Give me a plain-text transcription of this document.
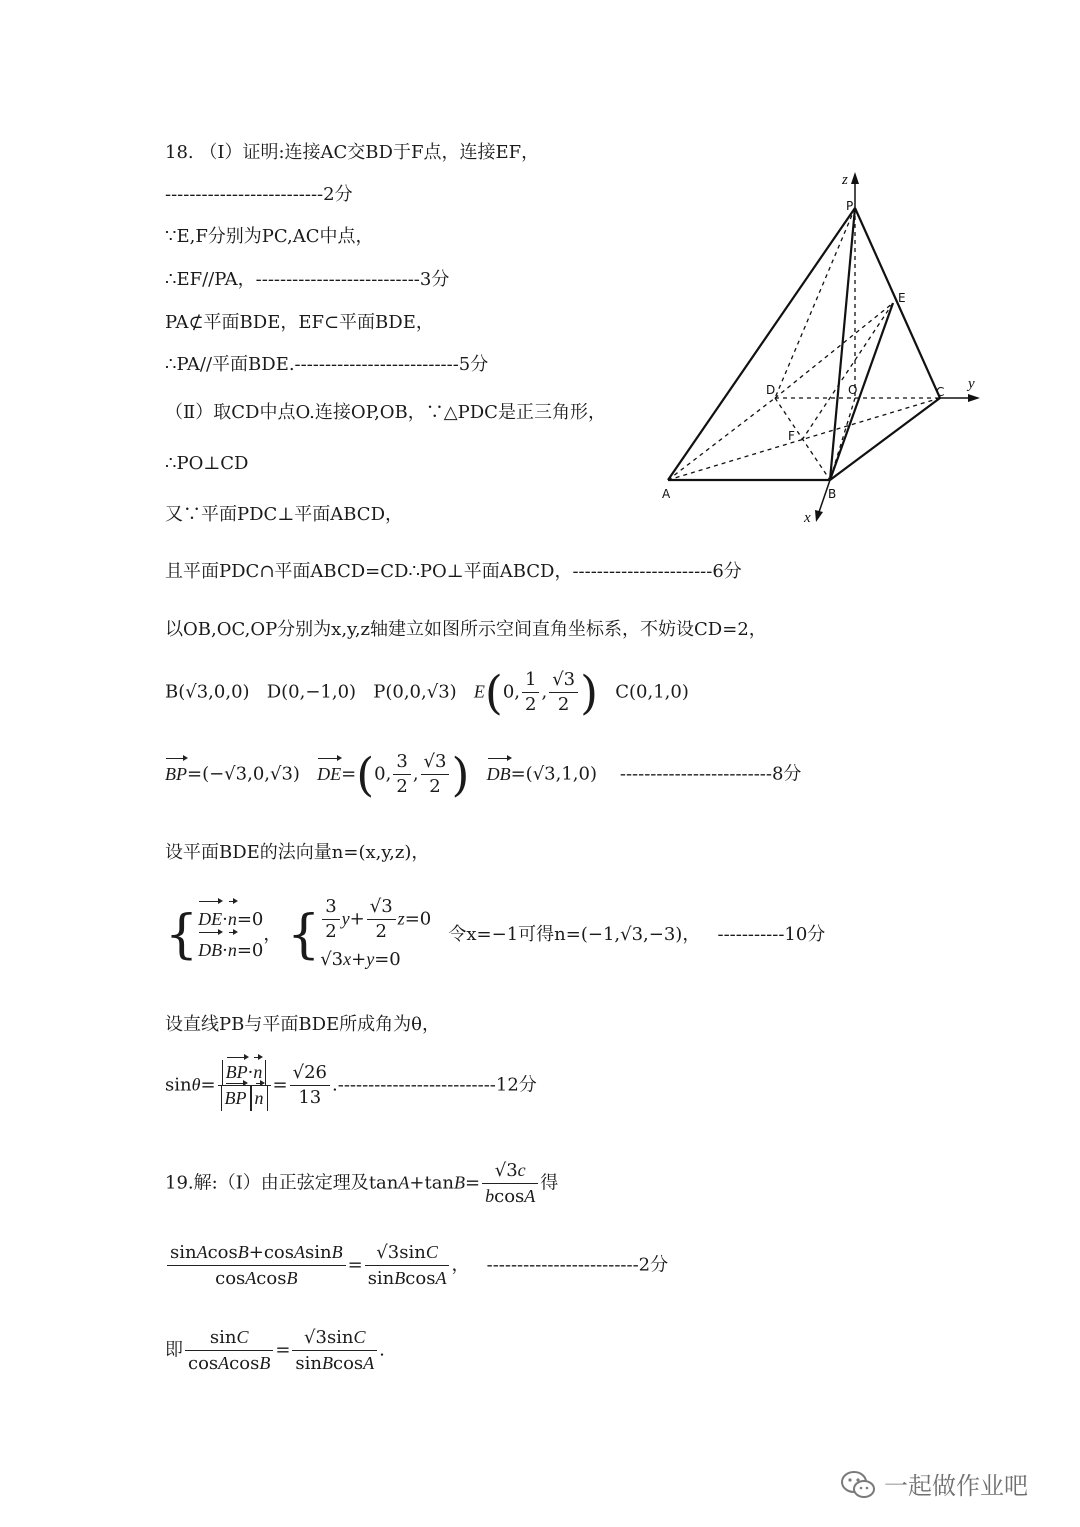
18. （Ⅰ）证明:连接AC交BD于F点，连接EF，
--------------------------2分
∵E,F分别为PC,AC中点，
∴EF//PA，---------------------------3分
PA⊄平面BDE，EF⊂平面BDE，
∴PA//平面BDE.---------------------------5分
（Ⅱ）取CD中点O.连接OP,OB，∵△PDC是正三角形，
∴PO⊥CD
又∵平面PDC⊥平面ABCD，
且平面PDC∩平面ABCD=CD∴PO⊥平面ABCD，-----------------------6分
以OB,OC,OP分别为x,y,z轴建立如图所示空间直角坐标系，不妨设CD=2，
B(√3,0,0) D(0,−1,0) P(0,0,√3) E(0, $\frac{1}{2}$ , $\frac{√3}{2}$ ) C(0,1,0)
BP=(−√3,0,√3) DE=(0, $\frac{3}{2}$ , $\frac{√3}{2}$ ) DB=(√3,1,0) -------------------------8分
设平面BDE的法向量n=(x,y,z)，
{ DE·n=0
DB·n=0
， { $\frac{3}{2} y+ \frac{√3}{2} z=0$
√3x+y=0
令x=−1可得n=(−1,√3,−3)， -----------10分
设直线PB与平面BDE所成角为θ，
$\sin\theta= \frac{BP\cdot n}{\text{BP n}} = \frac{√26}{13} .--------------------------12$分
19.解:（Ⅰ）由正弦定理及$\tan A+\tan B= \frac{√3c}{bcosA}$ 得
$\frac{\text{sinAcosB+cosAsinB}}{\text{cosAcosB}} = \frac{√3\sin C}{\text{sinBcosA}}$ ，   -------------------------2分
即 $\frac{\sin C}{\text{cosAcosB}} = \frac{√3\sin C}{\text{sinBcosA}}$ .
z
y
x
P
E
D	O	C
F
A	B
一起做作业吧
